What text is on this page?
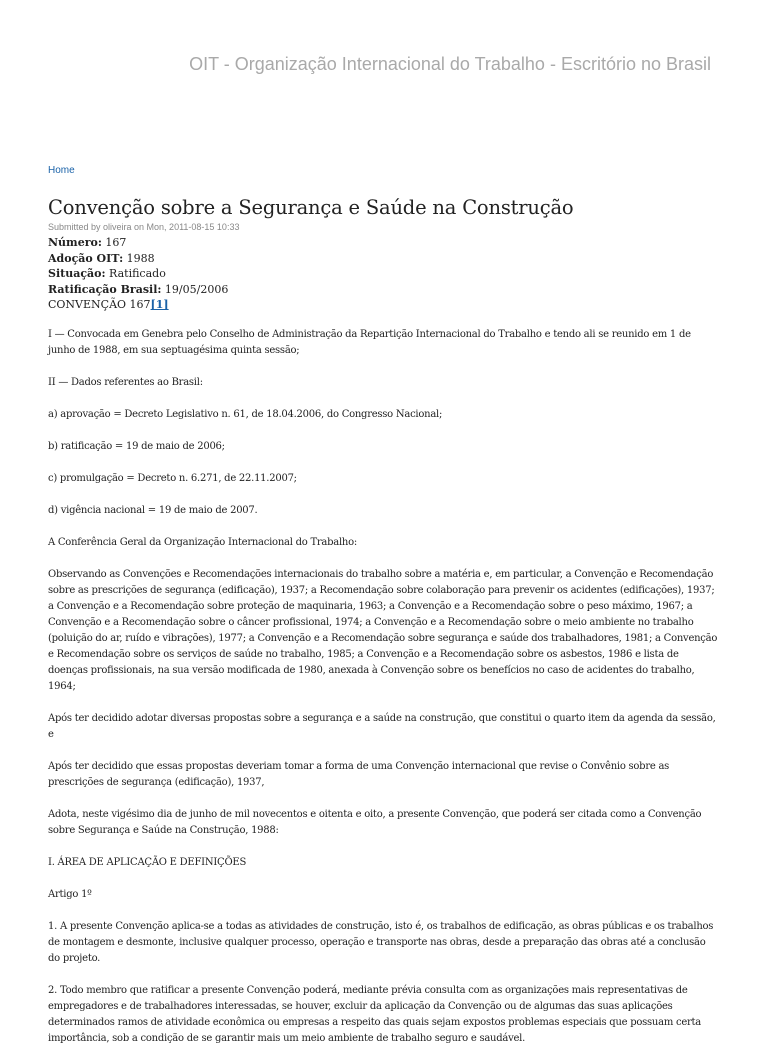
OIT - Organização Internacional do Trabalho - Escritório no Brasil
Home
Convenção sobre a Segurança e Saúde na Construção
Submitted by oliveira on Mon, 2011-08-15 10:33
Número: 167
Adoção OIT: 1988
Situação: Ratificado
Ratificação Brasil: 19/05/2006
CONVENÇÃO 167[1]

I — Convocada em Genebra pelo Conselho de Administração da Repartição Internacional do Trabalho e tendo ali se reunido em 1 de junho de 1988, em sua septuagésima quinta sessão;

II — Dados referentes ao Brasil:

a) aprovação = Decreto Legislativo n. 61, de 18.04.2006, do Congresso Nacional;

b) ratificação = 19 de maio de 2006;

c) promulgação = Decreto n. 6.271, de 22.11.2007;

d) vigência nacional = 19 de maio de 2007.

A Conferência Geral da Organização Internacional do Trabalho:

Observando as Convenções e Recomendações internacionais do trabalho sobre a matéria e, em particular, a Convenção e Recomendação sobre as prescrições de segurança (edificação), 1937; a Recomendação sobre colaboração para prevenir os acidentes (edificações), 1937; a Convenção e a Recomendação sobre proteção de maquinaria, 1963; a Convenção e a Recomendação sobre o peso máximo, 1967; a Convenção e a Recomendação sobre o câncer profissional, 1974; a Convenção e a Recomendação sobre o meio ambiente no trabalho (poluição do ar, ruído e vibrações), 1977; a Convenção e a Recomendação sobre segurança e saúde dos trabalhadores, 1981; a Convenção e Recomendação sobre os serviços de saúde no trabalho, 1985; a Convenção e a Recomendação sobre os asbestos, 1986 e lista de doenças profissionais, na sua versão modificada de 1980, anexada à Convenção sobre os benefícios no caso de acidentes do trabalho, 1964;

Após ter decidido adotar diversas propostas sobre a segurança e a saúde na construção, que constitui o quarto item da agenda da sessão, e

Após ter decidido que essas propostas deveriam tomar a forma de uma Convenção internacional que revise o Convênio sobre as prescrições de segurança (edificação), 1937,

Adota, neste vigésimo dia de junho de mil novecentos e oitenta e oito, a presente Convenção, que poderá ser citada como a Convenção sobre Segurança e Saúde na Construção, 1988:

I. ÁREA DE APLICAÇÃO E DEFINIÇÕES

Artigo 1º

1. A presente Convenção aplica-se a todas as atividades de construção, isto é, os trabalhos de edificação, as obras públicas e os trabalhos de montagem e desmonte, inclusive qualquer processo, operação e transporte nas obras, desde a preparação das obras até a conclusão do projeto.

2. Todo membro que ratificar a presente Convenção poderá, mediante prévia consulta com as organizações mais representativas de empregadores e de trabalhadores interessadas, se houver, excluir da aplicação da Convenção ou de algumas das suas aplicações determinados ramos de atividade econômica ou empresas a respeito das quais sejam expostos problemas especiais que possuam certa importância, sob a condição de se garantir mais um meio ambiente de trabalho seguro e saudável.
